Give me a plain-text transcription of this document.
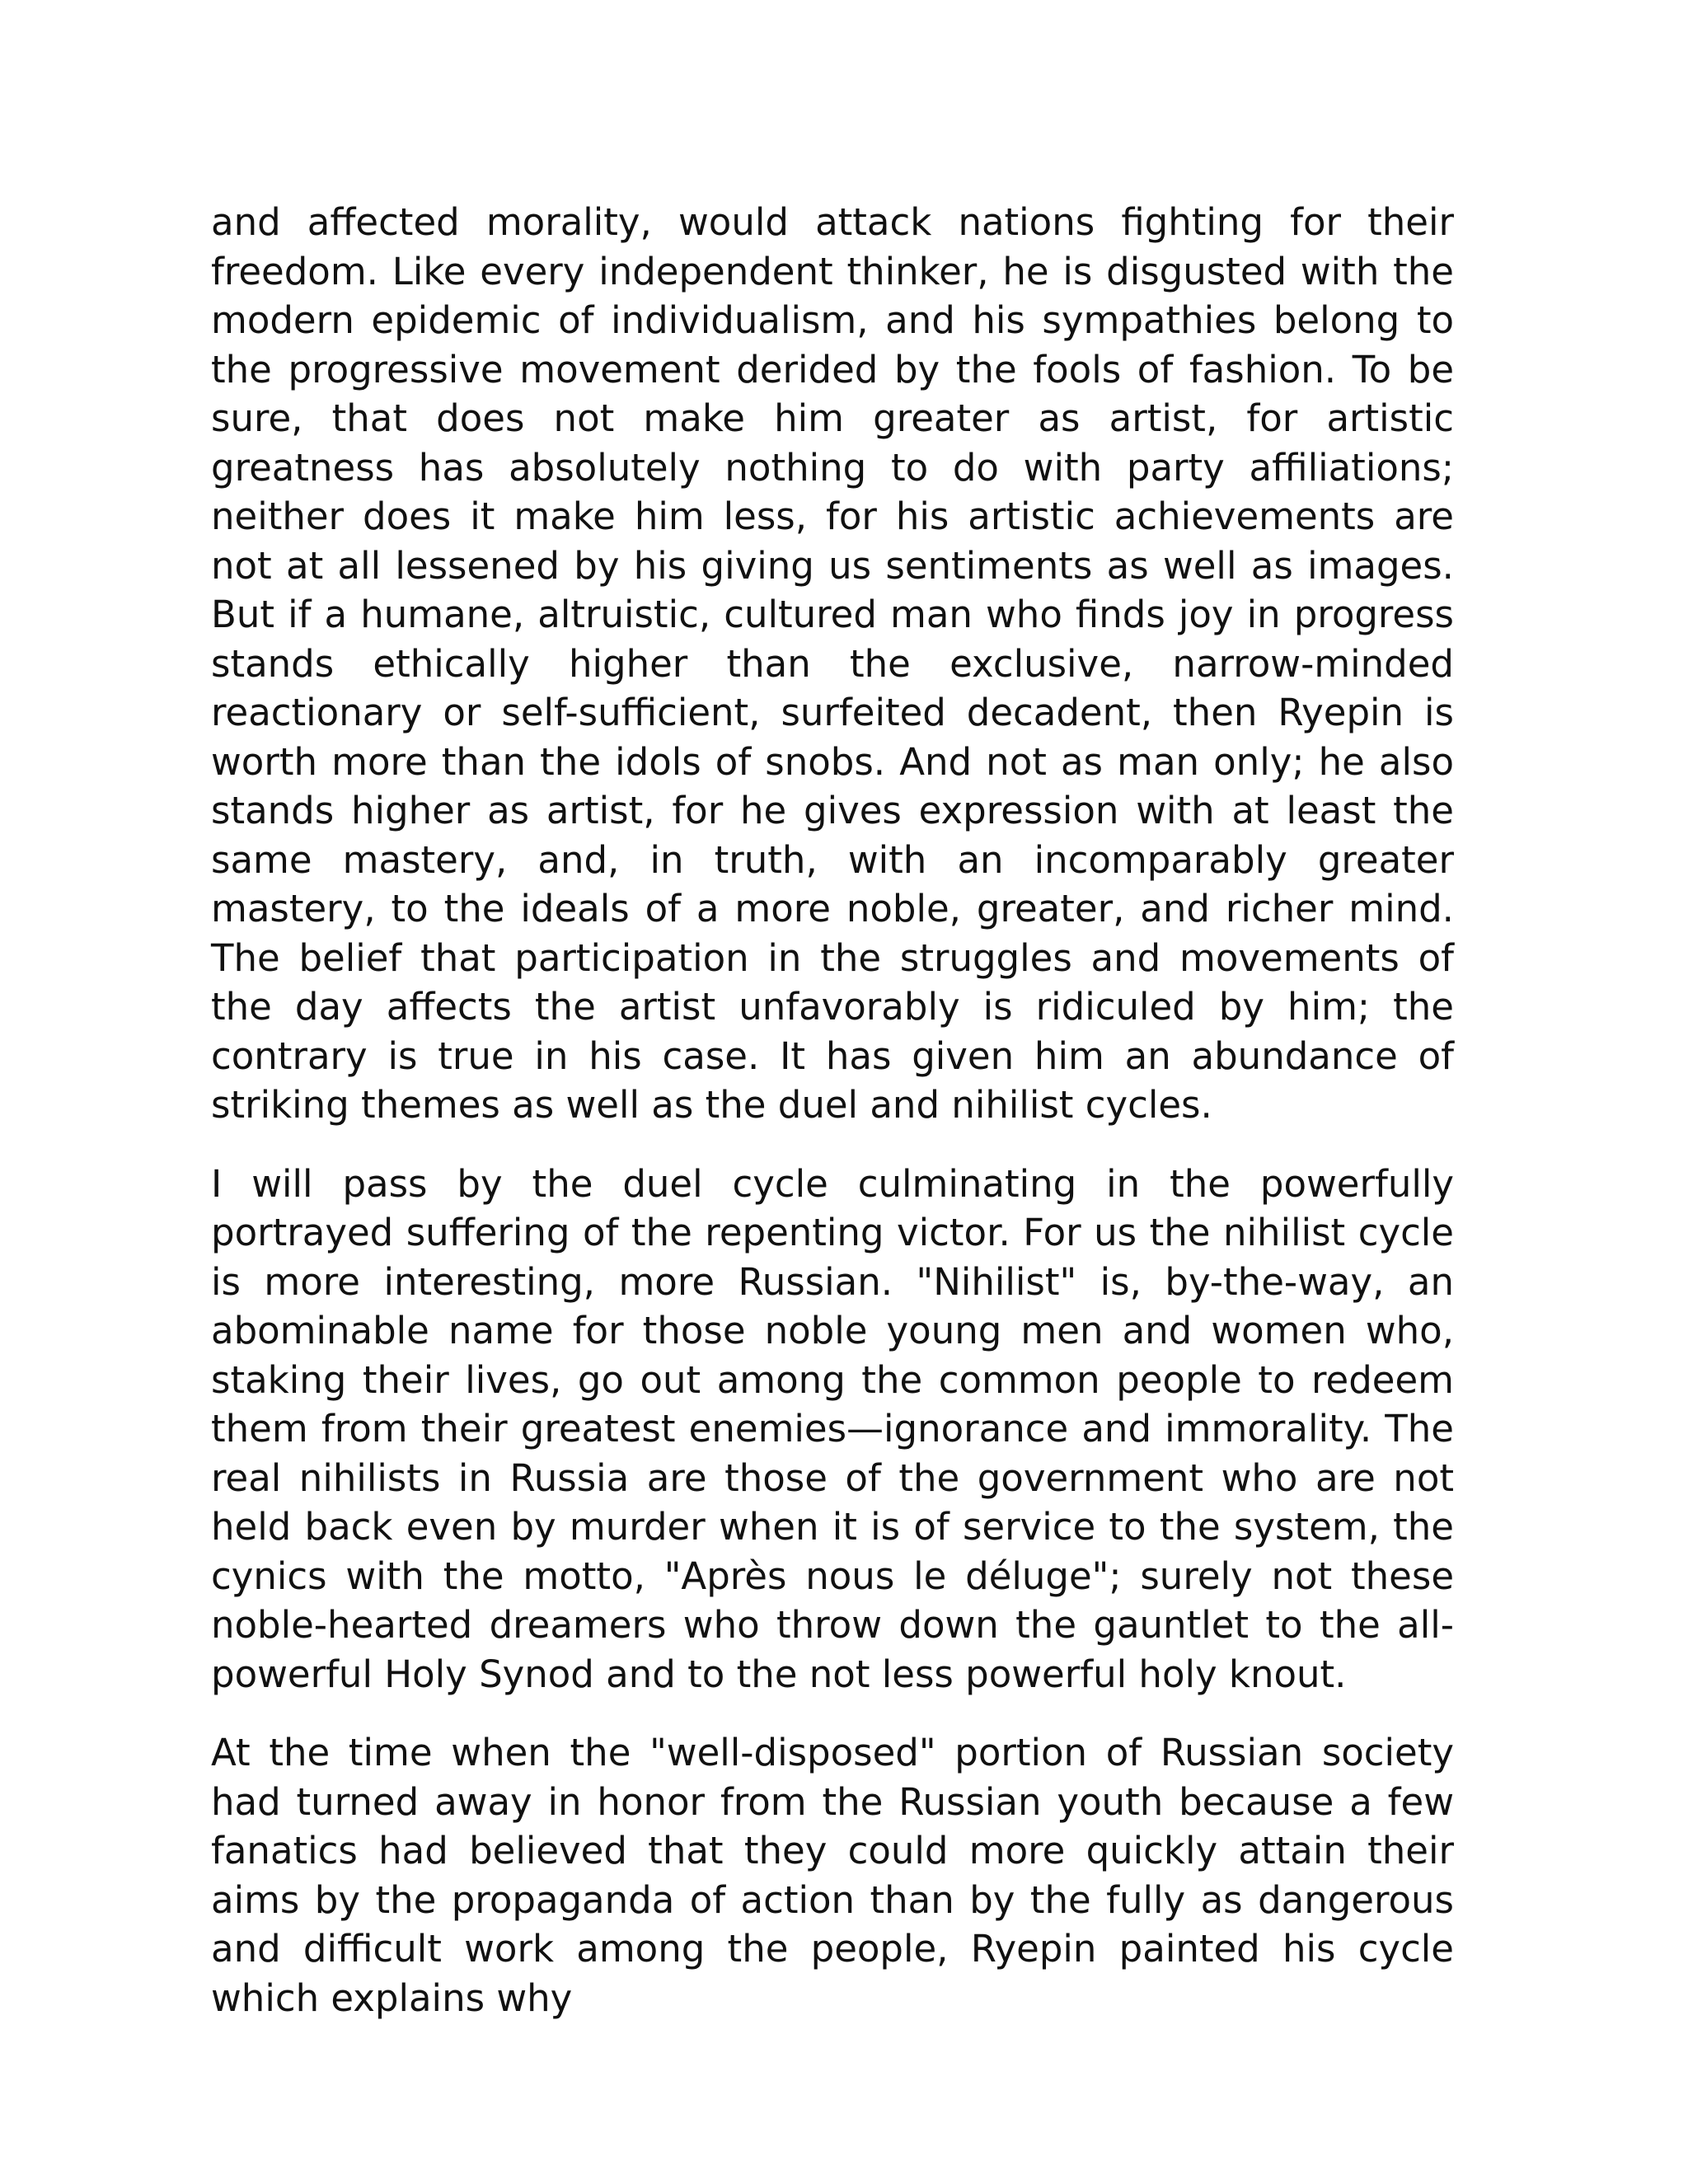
and affected morality, would attack nations fighting for their freedom. Like every independent thinker, he is disgusted with the modern epidemic of individualism, and his sympathies belong to the progressive movement derided by the fools of fashion. To be sure, that does not make him greater as artist, for artistic greatness has absolutely nothing to do with party affiliations; neither does it make him less, for his artistic achievements are not at all lessened by his giving us sentiments as well as images. But if a humane, altruistic, cultured man who finds joy in progress stands ethically higher than the exclusive, narrow-minded reactionary or self-sufficient, surfeited decadent, then Ryepin is worth more than the idols of snobs. And not as man only; he also stands higher as artist, for he gives expression with at least the same mastery, and, in truth, with an incomparably greater mastery, to the ideals of a more noble, greater, and richer mind. The belief that participation in the struggles and movements of the day affects the artist unfavorably is ridiculed by him; the contrary is true in his case. It has given him an abundance of striking themes as well as the duel and nihilist cycles.

I will pass by the duel cycle culminating in the powerfully portrayed suffering of the repenting victor. For us the nihilist cycle is more interesting, more Russian. "Nihilist" is, by-the-way, an abominable name for those noble young men and women who, staking their lives, go out among the common people to redeem them from their greatest enemies—ignorance and immorality. The real nihilists in Russia are those of the government who are not held back even by murder when it is of service to the system, the cynics with the motto, "Après nous le déluge"; surely not these noble-hearted dreamers who throw down the gauntlet to the all-powerful Holy Synod and to the not less powerful holy knout.

At the time when the "well-disposed" portion of Russian society had turned away in honor from the Russian youth because a few fanatics had believed that they could more quickly attain their aims by the propaganda of action than by the fully as dangerous and difficult work among the people, Ryepin painted his cycle which explains why
